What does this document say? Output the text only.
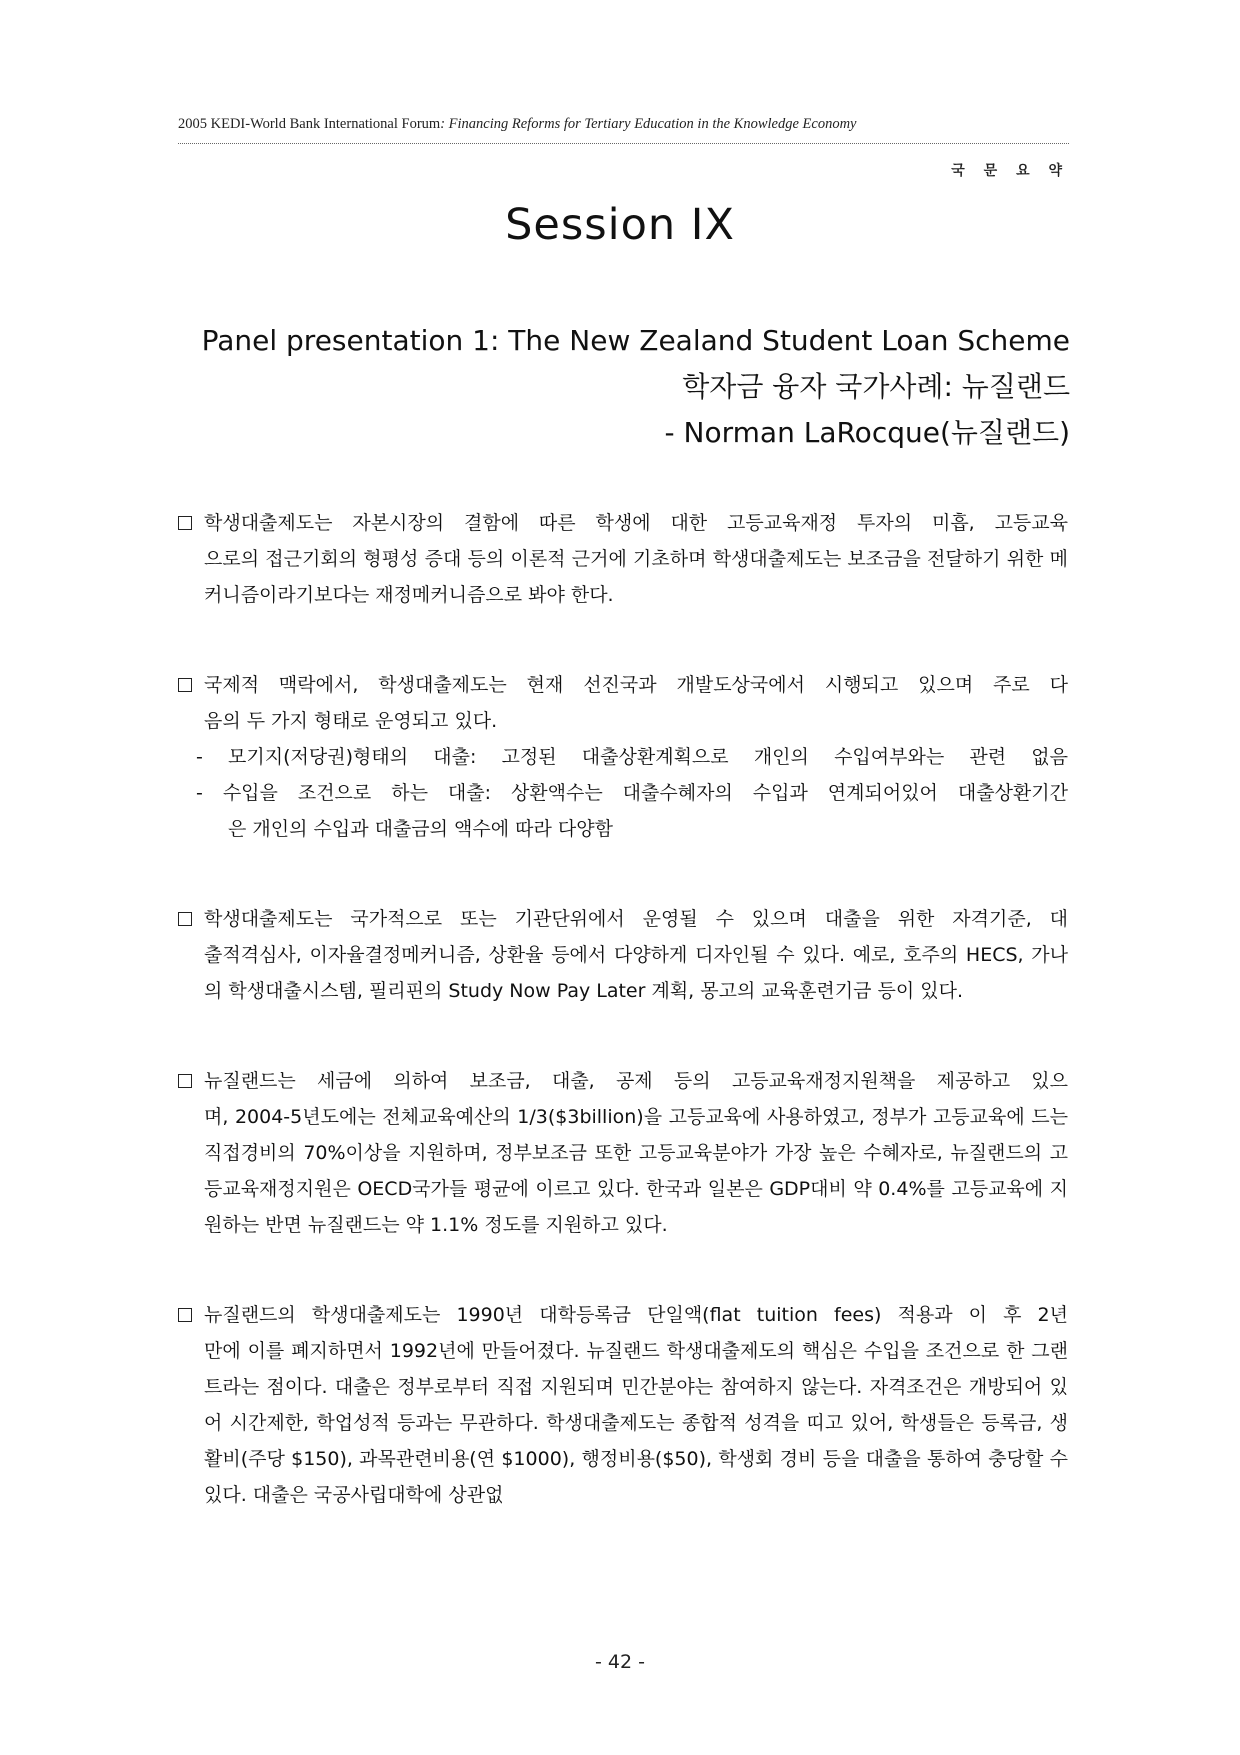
2005 KEDI-World Bank International Forum: Financing Reforms for Tertiary Education in the Knowledge Economy
국 문 요 약
Session IX
Panel presentation 1: The New Zealand Student Loan Scheme
학자금 융자 국가사례: 뉴질랜드
- Norman LaRocque(뉴질랜드)
학생대출제도는 자본시장의 결함에 따른 학생에 대한 고등교육재정 투자의 미흡, 고등교육
으로의 접근기회의 형평성 증대 등의 이론적 근거에 기초하며 학생대출제도는 보조금을 전달하기 위한 메커니즘이라기보다는 재정메커니즘으로 봐야 한다.
국제적 맥락에서, 학생대출제도는 현재 선진국과 개발도상국에서 시행되고 있으며 주로 다
음의 두 가지 형태로 운영되고 있다.
- 모기지(저당권)형태의 대출: 고정된 대출상환계획으로 개인의 수입여부와는 관련 없음
- 수입을 조건으로 하는 대출: 상환액수는 대출수혜자의 수입과 연계되어있어 대출상환기간
은 개인의 수입과 대출금의 액수에 따라 다양함
학생대출제도는 국가적으로 또는 기관단위에서 운영될 수 있으며 대출을 위한 자격기준, 대
출적격심사, 이자율결정메커니즘, 상환율 등에서 다양하게 디자인될 수 있다. 예로, 호주의 HECS, 가나의 학생대출시스템, 필리핀의 Study Now Pay Later 계획, 몽고의 교육훈련기금 등이 있다.
뉴질랜드는 세금에 의하여 보조금, 대출, 공제 등의 고등교육재정지원책을 제공하고 있으
며, 2004-5년도에는 전체교육예산의 1/3($3billion)을 고등교육에 사용하였고, 정부가 고등교육에 드는 직접경비의 70%이상을 지원하며, 정부보조금 또한 고등교육분야가 가장 높은 수혜자로, 뉴질랜드의 고등교육재정지원은 OECD국가들 평균에 이르고 있다. 한국과 일본은 GDP대비 약 0.4%를 고등교육에 지원하는 반면 뉴질랜드는 약 1.1% 정도를 지원하고 있다.
뉴질랜드의 학생대출제도는 1990년 대학등록금 단일액(flat tuition fees) 적용과 이 후 2년
만에 이를 폐지하면서 1992년에 만들어졌다. 뉴질랜드 학생대출제도의 핵심은 수입을 조건으로 한 그랜트라는 점이다. 대출은 정부로부터 직접 지원되며 민간분야는 참여하지 않는다. 자격조건은 개방되어 있어 시간제한, 학업성적 등과는 무관하다. 학생대출제도는 종합적 성격을 띠고 있어, 학생들은 등록금, 생활비(주당 $150), 과목관련비용(연 $1000), 행정비용($50), 학생회 경비 등을 대출을 통하여 충당할 수 있다. 대출은 국공사립대학에 상관없
- 42 -
